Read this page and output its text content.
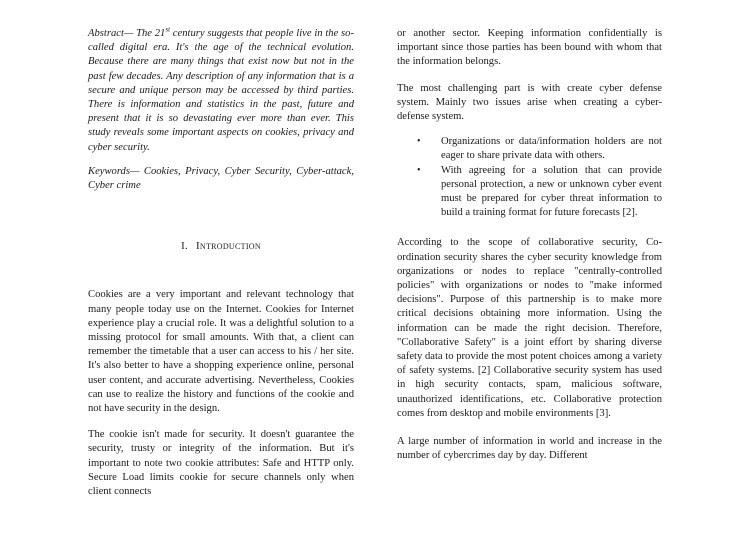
Abstract— The 21st century suggests that people live in the so-called digital era. It's the age of the technical evolution. Because there are many things that exist now but not in the past few decades. Any description of any information that is a secure and unique person may be accessed by third parties. There is information and statistics in the past, future and present that it is so devastating ever more than ever. This study reveals some important aspects on cookies, privacy and cyber security.

Keywords— Cookies, Privacy, Cyber Security, Cyber-attack, Cyber crime

I. Introduction

Cookies are a very important and relevant technology that many people today use on the Internet. Cookies for Internet experience play a crucial role. It was a delightful solution to a missing protocol for small amounts. With that, a client can remember the timetable that a user can access to his / her site. It's also better to have a shopping experience online, personal user content, and accurate advertising. Nevertheless, Cookies can use to realize the history and functions of the cookie and not have security in the design.

The cookie isn't made for security. It doesn't guarantee the security, trusty or integrity of the information. But it's important to note two cookie attributes: Safe and HTTP only. Secure Load limits cookie for secure channels only when client connects

or another sector. Keeping information confidentially is important since those parties has been bound with whom that the information belongs.

The most challenging part is with create cyber defense system. Mainly two issues arise when creating a cyber-defense system.

• Organizations or data/information holders are not eager to share private data with others.
• With agreeing for a solution that can provide personal protection, a new or unknown cyber event must be prepared for cyber threat information to build a training format for future forecasts [2].

According to the scope of collaborative security, Co-ordination security shares the cyber security knowledge from organizations or nodes to replace "centrally-controlled policies" with organizations or nodes to "make informed decisions". Purpose of this partnership is to make more critical decisions obtaining more information. Using the information can be made the right decision. Therefore, "Collaborative Safety" is a joint effort by sharing diverse safety data to provide the most potent choices among a variety of safety systems. [2] Collaborative security system has used in high security contacts, spam, malicious software, unauthorized identifications, etc. Collaborative protection comes from desktop and mobile environments [3].

A large number of information in world and increase in the number of cybercrimes day by day. Different
